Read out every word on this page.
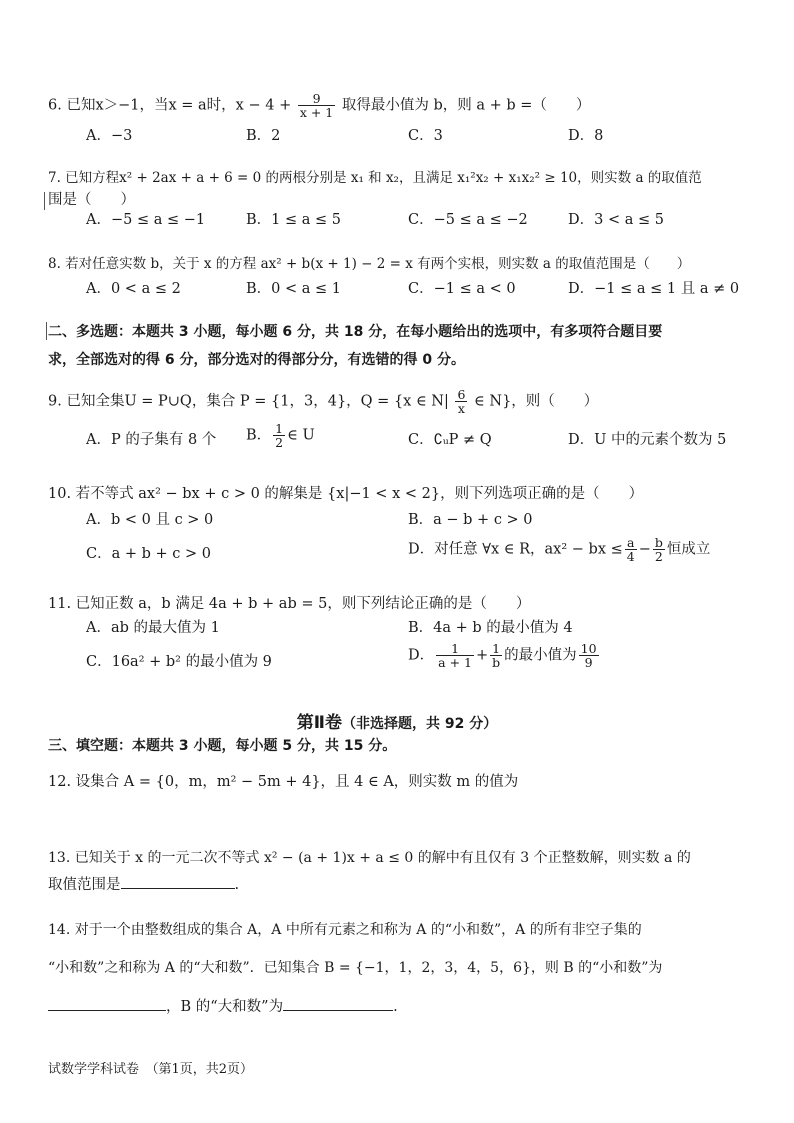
6. 已知x＞−1，当x = a时，$x - 4 + \frac{9}{x + 1}$ 取得最小值为 b，则 a + b =（　　）
A．−3	B．2	C．3	D．8
7. 已知方程x² + 2ax + a + 6 = 0 的两根分别是 x₁ 和 x₂，且满足 x₁²x₂ + x₁x₂² ≥ 10，则实数 a 的取值范
围是（　　）
A．−5 ≤ a ≤ −1	B．1 ≤ a ≤ 5	C．−5 ≤ a ≤ −2	D．3 < a ≤ 5
8. 若对任意实数 b，关于 x 的方程 ax² + b(x + 1) − 2 = x 有两个实根，则实数 a 的取值范围是（　　）
A．0 < a ≤ 2	B．0 < a ≤ 1	C．−1 ≤ a < 0	D．−1 ≤ a ≤ 1 且 a ≠ 0
二、多选题：本题共 3 小题，每小题 6 分，共 18 分，在每小题给出的选项中，有多项符合题目要
求，全部选对的得 6 分，部分选对的得部分分，有选错的得 0 分。
9. 已知全集U = P∪Q，集合 P = {1，3，4}，Q = {x ∈ $N| \frac{6}{x}$ ∈ N}，则（　　）
A．P 的子集有 8 个 B． $\frac{1}{2}$ ∈ U	C．∁ᵤP ≠ Q	D．U 中的元素个数为 5
10. 若不等式 ax² − bx + c > 0 的解集是 {x|−1 < x < 2}，则下列选项正确的是（　　）
A．b < 0 且 c > 0	B．a − b + c > 0
C．a + b + c > 0	D．对任意 ∀x ∈ R，ax² − bx ≤ $\frac{a}{4} - \frac{b}{2}$ 恒成立
11. 已知正数 a，b 满足 4a + b + ab = 5，则下列结论正确的是（　　）
A．ab 的最大值为 1	B．4a + b 的最小值为 4
C．16a² + b² 的最小值为 9	D． $\frac{1}{a + 1} + \frac{1}{b}$ 的最小值为 $\frac{10}{9}$
第Ⅱ卷（非选择题，共 92 分）
三、填空题：本题共 3 小题，每小题 5 分，共 15 分。
12. 设集合 A = {0，m，m² − 5m + 4}，且 4 ∈ A，则实数 m 的值为
13. 已知关于 x 的一元二次不等式 x² − (a + 1)x + a ≤ 0 的解中有且仅有 3 个正整数解，则实数 a 的
取值范围是	.
14. 对于一个由整数组成的集合 A，A 中所有元素之和称为 A 的“小和数”，A 的所有非空子集的
“小和数”之和称为 A 的“大和数”．已知集合 B = {−1，1，2，3，4，5，6}，则 B 的“小和数”为
，B 的“大和数”为	.
试数学学科试卷　（第1页，共2页）
